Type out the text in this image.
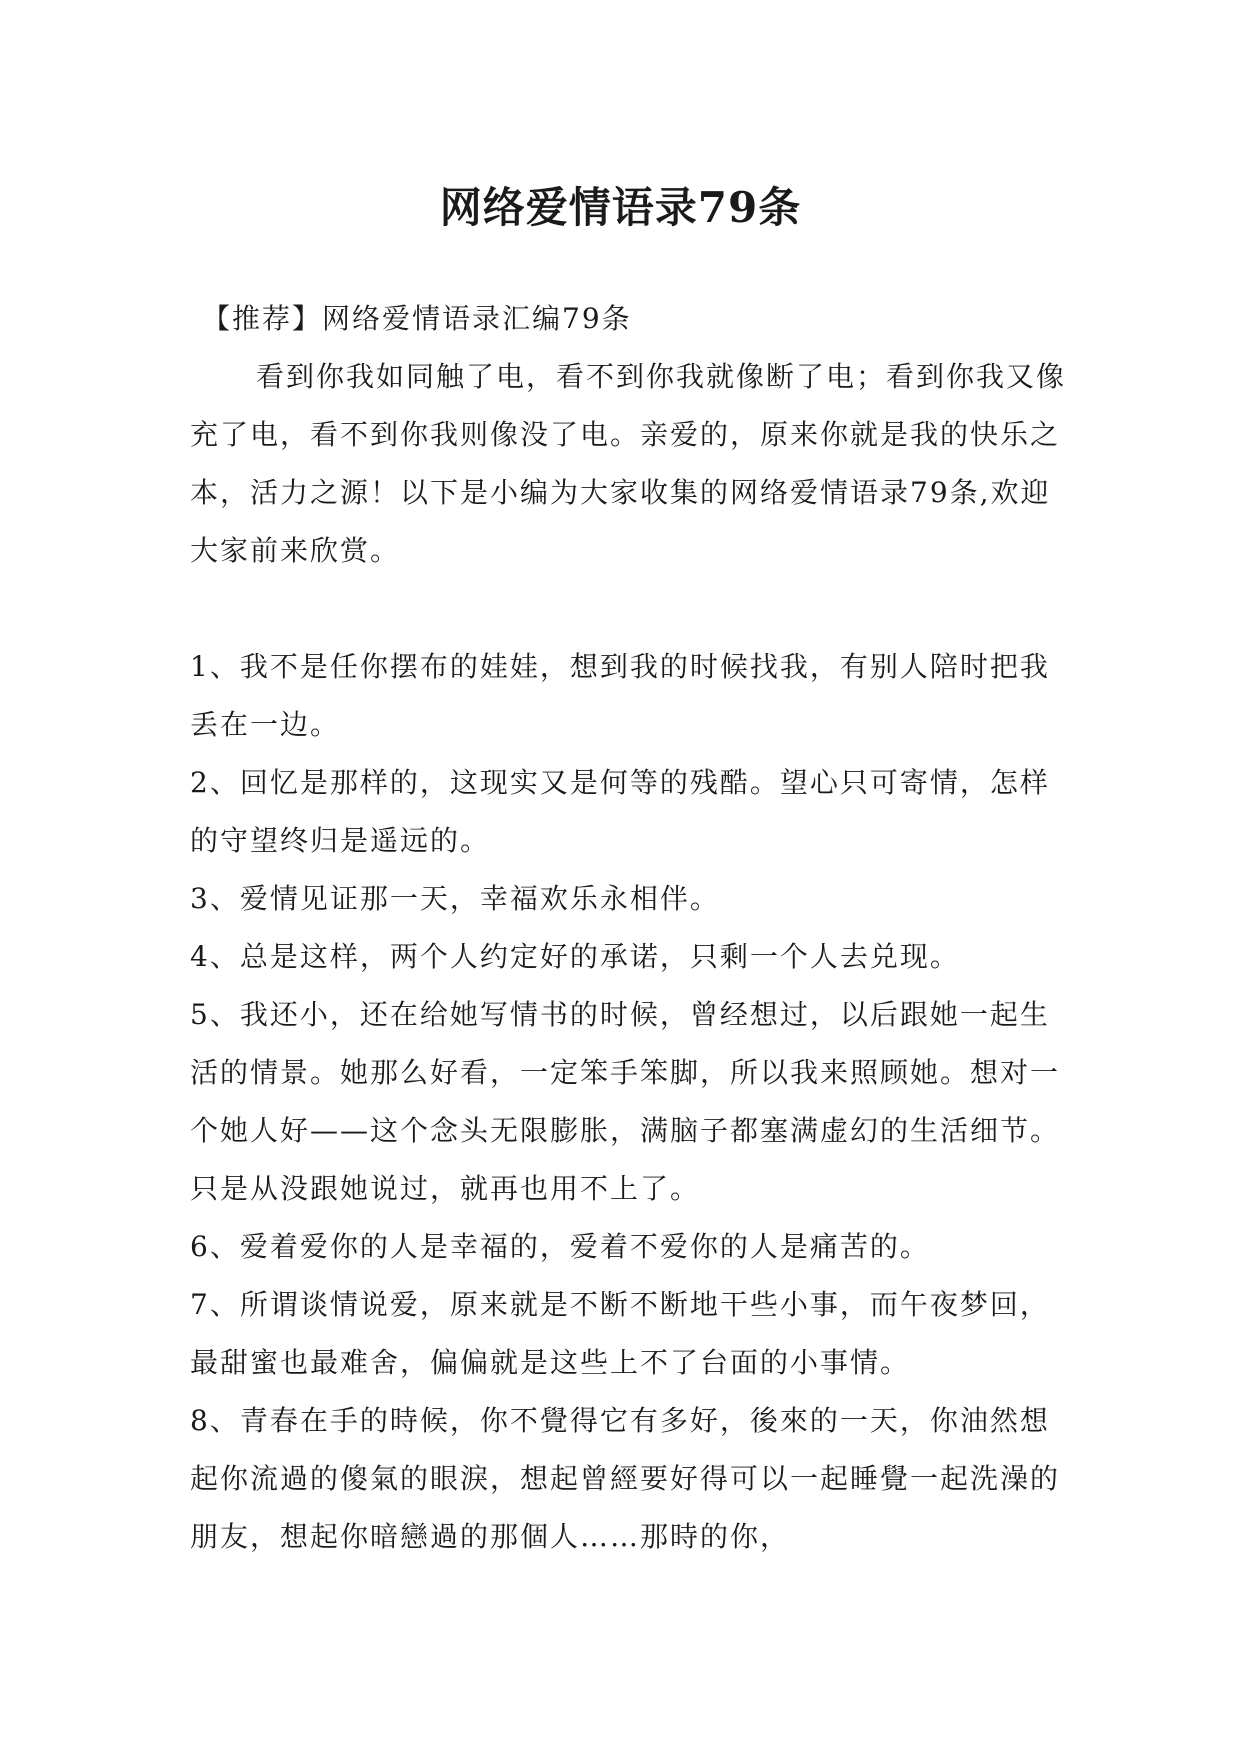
网络爱情语录79条

【推荐】网络爱情语录汇编79条

看到你我如同触了电，看不到你我就像断了电；看到你我又像充了电，看不到你我则像没了电。亲爱的，原来你就是我的快乐之本，活力之源！以下是小编为大家收集的网络爱情语录79条,欢迎大家前来欣赏。

1、我不是任你摆布的娃娃，想到我的时候找我，有别人陪时把我丢在一边。

2、回忆是那样的，这现实又是何等的残酷。望心只可寄情，怎样的守望终归是遥远的。

3、爱情见证那一天，幸福欢乐永相伴。

4、总是这样，两个人约定好的承诺，只剩一个人去兑现。

5、我还小，还在给她写情书的时候，曾经想过，以后跟她一起生活的情景。她那么好看，一定笨手笨脚，所以我来照顾她。想对一个她人好——这个念头无限膨胀，满脑子都塞满虚幻的生活细节。只是从没跟她说过，就再也用不上了。

6、爱着爱你的人是幸福的，爱着不爱你的人是痛苦的。

7、所谓谈情说爱，原来就是不断不断地干些小事，而午夜梦回，最甜蜜也最难舍，偏偏就是这些上不了台面的小事情。

8、青春在手的時候，你不覺得它有多好，後來的一天，你油然想起你流過的傻氣的眼淚，想起曾經要好得可以一起睡覺一起洗澡的朋友，想起你暗戀過的那個人……那時的你，
